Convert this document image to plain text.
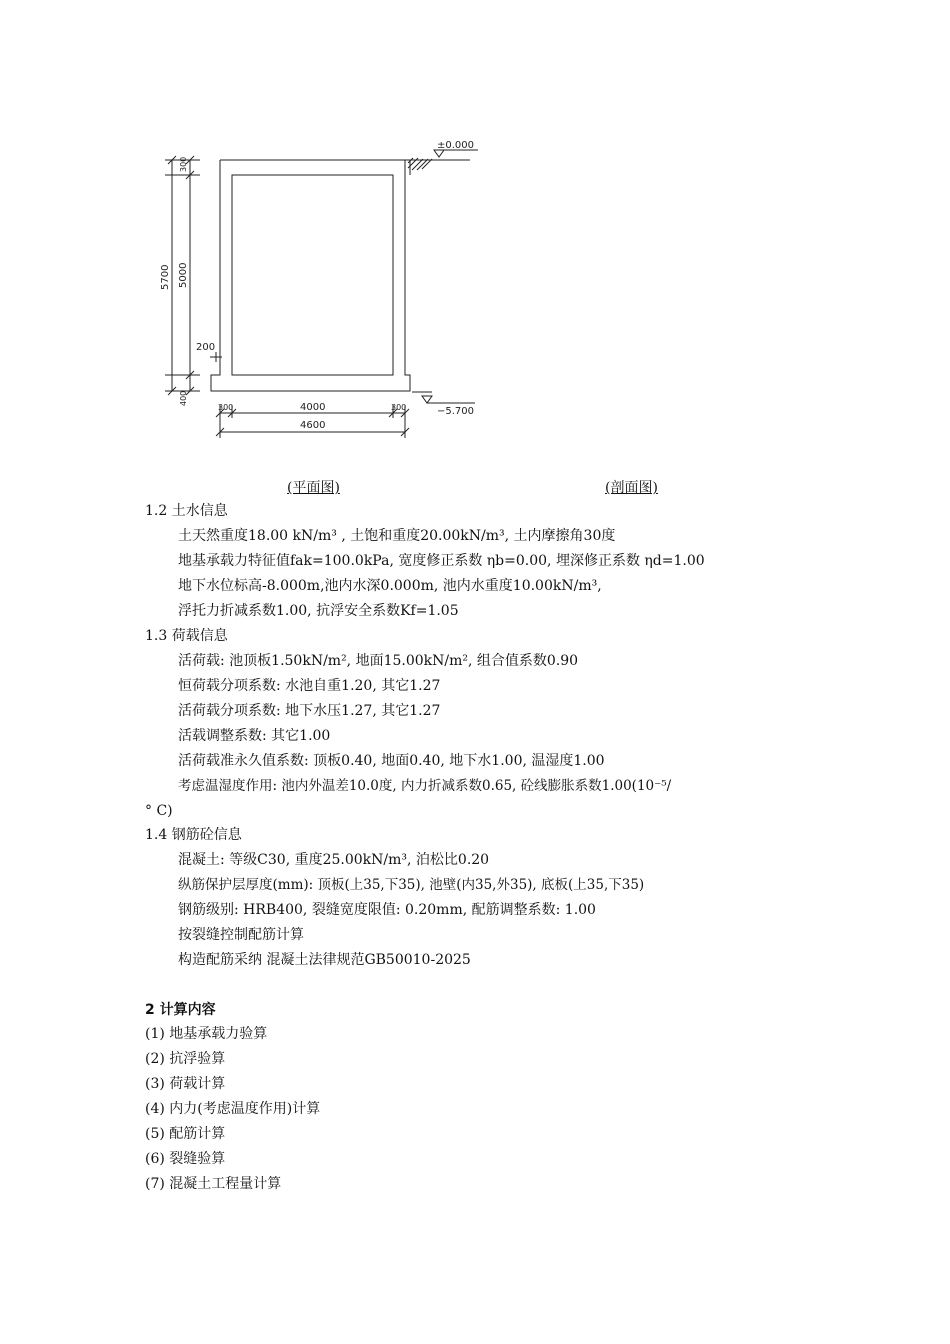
±0.000
−5.700
5700
300
5000
200
400
300	4000	300
4600
(平面图)	(剖面图)
1.2 土水信息
土天然重度18.00 kN/m³ , 土饱和重度20.00kN/m³, 土内摩擦角30度
地基承载力特征值fak=100.0kPa, 宽度修正系数 ηb=0.00, 埋深修正系数 ηd=1.00
地下水位标高-8.000m,池内水深0.000m, 池内水重度10.00kN/m³,
浮托力折减系数1.00, 抗浮安全系数Kf=1.05
1.3 荷载信息
活荷载: 池顶板1.50kN/m², 地面15.00kN/m², 组合值系数0.90
恒荷载分项系数: 水池自重1.20, 其它1.27
活荷载分项系数: 地下水压1.27, 其它1.27
活载调整系数: 其它1.00
活荷载准永久值系数: 顶板0.40, 地面0.40, 地下水1.00, 温湿度1.00
考虑温湿度作用: 池内外温差10.0度, 内力折减系数0.65, 砼线膨胀系数1.00(10⁻⁵/
° C)
1.4 钢筋砼信息
混凝土: 等级C30, 重度25.00kN/m³, 泊松比0.20
纵筋保护层厚度(mm): 顶板(上35,下35), 池壁(内35,外35), 底板(上35,下35)
钢筋级别: HRB400, 裂缝宽度限值: 0.20mm, 配筋调整系数: 1.00
按裂缝控制配筋计算
构造配筋采纳 混凝土法律规范GB50010-2025
2 计算内容
(1) 地基承载力验算
(2) 抗浮验算
(3) 荷载计算
(4) 内力(考虑温度作用)计算
(5) 配筋计算
(6) 裂缝验算
(7) 混凝土工程量计算
